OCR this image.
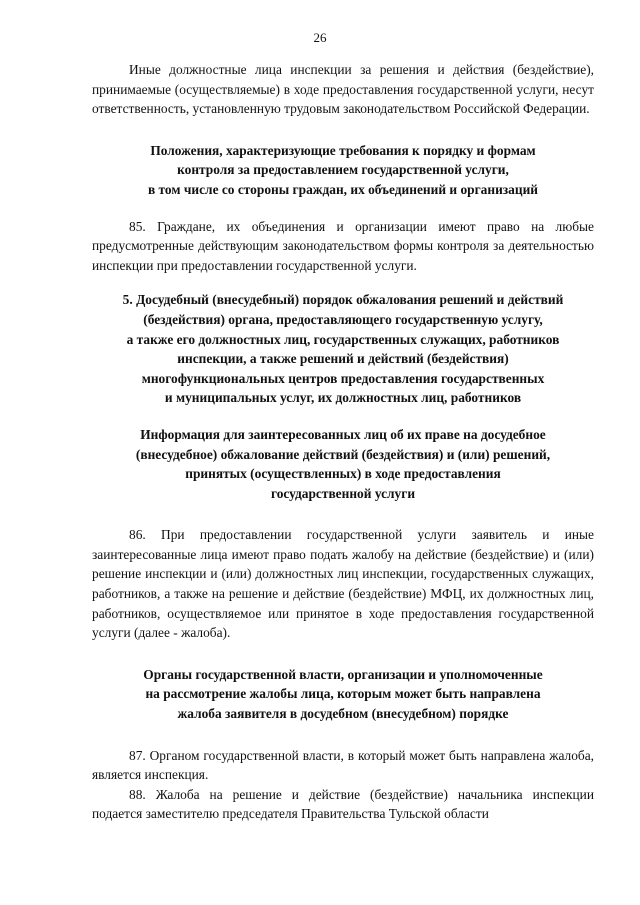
26

Иные должностные лица инспекции за решения и действия (бездействие), принимаемые (осуществляемые) в ходе предоставления государственной услуги, несут ответственность, установленную трудовым законодательством Российской Федерации.

Положения, характеризующие требования к порядку и формам
контроля за предоставлением государственной услуги,
в том числе со стороны граждан, их объединений и организаций

85. Граждане, их объединения и организации имеют право на любые предусмотренные действующим законодательством формы контроля за деятельностью инспекции при предоставлении государственной услуги.

5. Досудебный (внесудебный) порядок обжалования решений и действий
(бездействия) органа, предоставляющего государственную услугу,
а также его должностных лиц, государственных служащих, работников
инспекции, а также решений и действий (бездействия)
многофункциональных центров предоставления государственных
и муниципальных услуг, их должностных лиц, работников
Информация для заинтересованных лиц об их праве на досудебное
(внесудебное) обжалование действий (бездействия) и (или) решений,
принятых (осуществленных) в ходе предоставления
государственной услуги

86. При предоставлении государственной услуги заявитель и иные заинтересованные лица имеют право подать жалобу на действие (бездействие) и (или) решение инспекции и (или) должностных лиц инспекции, государственных служащих, работников, а также на решение и действие (бездействие) МФЦ, их должностных лиц, работников, осуществляемое или принятое в ходе предоставления государственной услуги (далее - жалоба).

Органы государственной власти, организации и уполномоченные
на рассмотрение жалобы лица, которым может быть направлена
жалоба заявителя в досудебном (внесудебном) порядке

87. Органом государственной власти, в который может быть направлена жалоба, является инспекция.

88. Жалоба на решение и действие (бездействие) начальника инспекции подается заместителю председателя Правительства Тульской области
